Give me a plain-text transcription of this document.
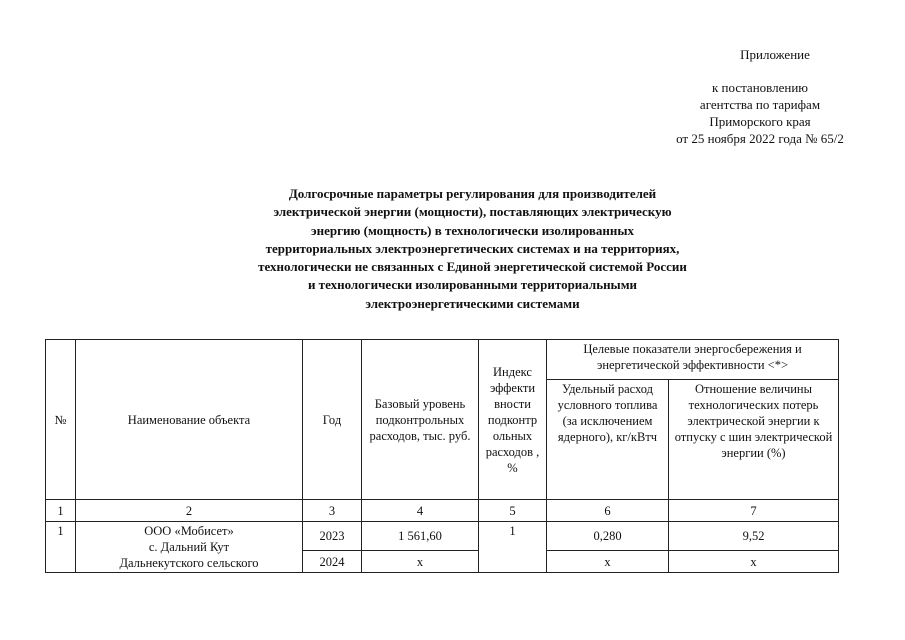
Приложение
к постановлению
агентства по тарифам
Приморского края
от 25 ноября 2022 года № 65/2
Долгосрочные параметры регулирования для производителей
электрической энергии (мощности), поставляющих электрическую
энергию (мощность) в технологически изолированных
территориальных электроэнергетических системах и на территориях,
технологически не связанных с Единой энергетической системой России
и технологически изолированными территориальными
электроэнергетическими системами
№	Наименование объекта	Год	Базовый уровень подконтрольных расходов, тыс. руб.	Индекс эффекти вности подконтр ольных расходов , %	Целевые показатели энергосбережения и энергетической эффективности <*>	
					Удельный расход условного топлива (за исключением ядерного), кг/кВтч	Отношение величины технологических потерь электрической энергии к отпуску с шин электрической энергии (%)
1	2	3	4	5	6	7
1	ООО «Мобисет»
с. Дальний Кут
Дальнекутского сельского	2023	1 561,60	1	0,280	9,52
		2024	х		х	х
